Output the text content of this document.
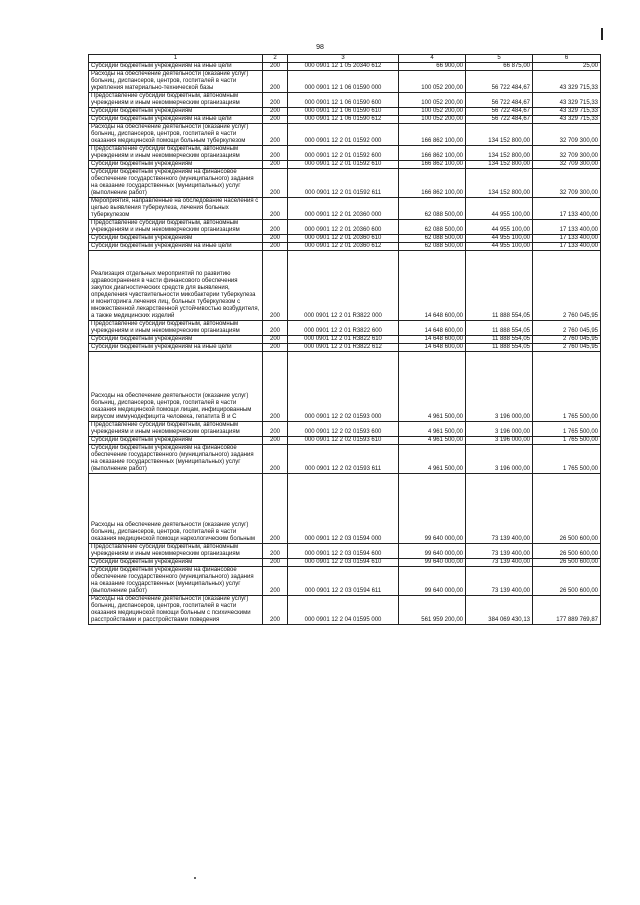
98
1	2	3	4	5	6
Субсидии бюджетным учреждениям на иные цели	200	000 0901 12 1 05 20340 612	66 900,00	66 875,00	25,00
Расходы на обеспечение деятельности (оказание услуг) больниц, диспансеров, центров, госпиталей в части укрепления материально-технической базы	200	000 0901 12 1 06 01590 000	100 052 200,00	56 722 484,67	43 329 715,33
Предоставление субсидий бюджетным, автономным учреждениям и иным некоммерческим организациям	200	000 0901 12 1 06 01590 600	100 052 200,00	56 722 484,67	43 329 715,33
Субсидии бюджетным учреждениям	200	000 0901 12 1 06 01590 610	100 052 200,00	56 722 484,67	43 329 715,33
Субсидии бюджетным учреждениям на иные цели	200	000 0901 12 1 06 01590 612	100 052 200,00	56 722 484,67	43 329 715,33
Расходы на обеспечение деятельности (оказание услуг) больниц, диспансеров, центров, госпиталей в части оказания медицинской помощи больным туберкулезом	200	000 0901 12 2 01 01592 000	166 862 100,00	134 152 800,00	32 709 300,00
Предоставление субсидий бюджетным, автономным учреждениям и иным некоммерческим организациям	200	000 0901 12 2 01 01592 600	166 862 100,00	134 152 800,00	32 709 300,00
Субсидии бюджетным учреждениям	200	000 0901 12 2 01 01592 610	166 862 100,00	134 152 800,00	32 709 300,00
Субсидии бюджетным учреждениям на финансовое обеспечение государственного (муниципального) задания на оказание государственных (муниципальных) услуг (выполнение работ)	200	000 0901 12 2 01 01592 611	166 862 100,00	134 152 800,00	32 709 300,00
Мероприятия, направленные на обследование населения с целью выявления туберкулеза, лечения больных туберкулезом	200	000 0901 12 2 01 20360 000	62 088 500,00	44 955 100,00	17 133 400,00
Предоставление субсидий бюджетным, автономным учреждениям и иным некоммерческим организациям	200	000 0901 12 2 01 20360 600	62 088 500,00	44 955 100,00	17 133 400,00
Субсидии бюджетным учреждениям	200	000 0901 12 2 01 20360 610	62 088 500,00	44 955 100,00	17 133 400,00
Субсидии бюджетным учреждениям на иные цели	200	000 0901 12 2 01 20360 612	62 088 500,00	44 955 100,00	17 133 400,00
Реализация отдельных мероприятий по развитию здравоохранения в части финансового обеспечения закупок диагностических средств для выявления, определения чувствительности микобактерии туберкулеза и мониторинга лечения лиц, больных туберкулезом с множественной лекарственной устойчивостью возбудителя, а также медицинских изделий	200	000 0901 12 2 01 R3822 000	14 648 600,00	11 888 554,05	2 760 045,95
Предоставление субсидий бюджетным, автономным учреждениям и иным некоммерческим организациям	200	000 0901 12 2 01 R3822 600	14 648 600,00	11 888 554,05	2 760 045,95
Субсидии бюджетным учреждениям	200	000 0901 12 2 01 R3822 610	14 648 600,00	11 888 554,05	2 760 045,95
Субсидии бюджетным учреждениям на иные цели	200	000 0901 12 2 01 R3822 612	14 648 600,00	11 888 554,05	2 760 045,95
Расходы на обеспечение деятельности (оказание услуг) больниц, диспансеров, центров, госпиталей в части оказания медицинской помощи лицам, инфицированным вирусом иммунодефицита человека, гепатита В и С	200	000 0901 12 2 02 01593 000	4 961 500,00	3 196 000,00	1 765 500,00
Предоставление субсидий бюджетным, автономным учреждениям и иным некоммерческим организациям	200	000 0901 12 2 02 01593 600	4 961 500,00	3 196 000,00	1 765 500,00
Субсидии бюджетным учреждениям	200	000 0901 12 2 02 01593 610	4 961 500,00	3 196 000,00	1 765 500,00
Субсидии бюджетным учреждениям на финансовое обеспечение государственного (муниципального) задания на оказание государственных (муниципальных) услуг (выполнение работ)	200	000 0901 12 2 02 01593 611	4 961 500,00	3 196 000,00	1 765 500,00
Расходы на обеспечение деятельности (оказание услуг) больниц, диспансеров, центров, госпиталей в части оказания медицинской помощи наркологическим больным	200	000 0901 12 2 03 01594 000	99 640 000,00	73 139 400,00	26 500 600,00
Предоставление субсидий бюджетным, автономным учреждениям и иным некоммерческим организациям	200	000 0901 12 2 03 01594 600	99 640 000,00	73 139 400,00	26 500 600,00
Субсидии бюджетным учреждениям	200	000 0901 12 2 03 01594 610	99 640 000,00	73 139 400,00	26 500 600,00
Субсидии бюджетным учреждениям на финансовое обеспечение государственного (муниципального) задания на оказание государственных (муниципальных) услуг (выполнение работ)	200	000 0901 12 2 03 01594 611	99 640 000,00	73 139 400,00	26 500 600,00
Расходы на обеспечение деятельности (оказание услуг) больниц, диспансеров, центров, госпиталей в части оказания медицинской помощи больным с психическими расстройствами и расстройствами поведения	200	000 0901 12 2 04 01595 000	561 959 200,00	384 069 430,13	177 889 769,87
